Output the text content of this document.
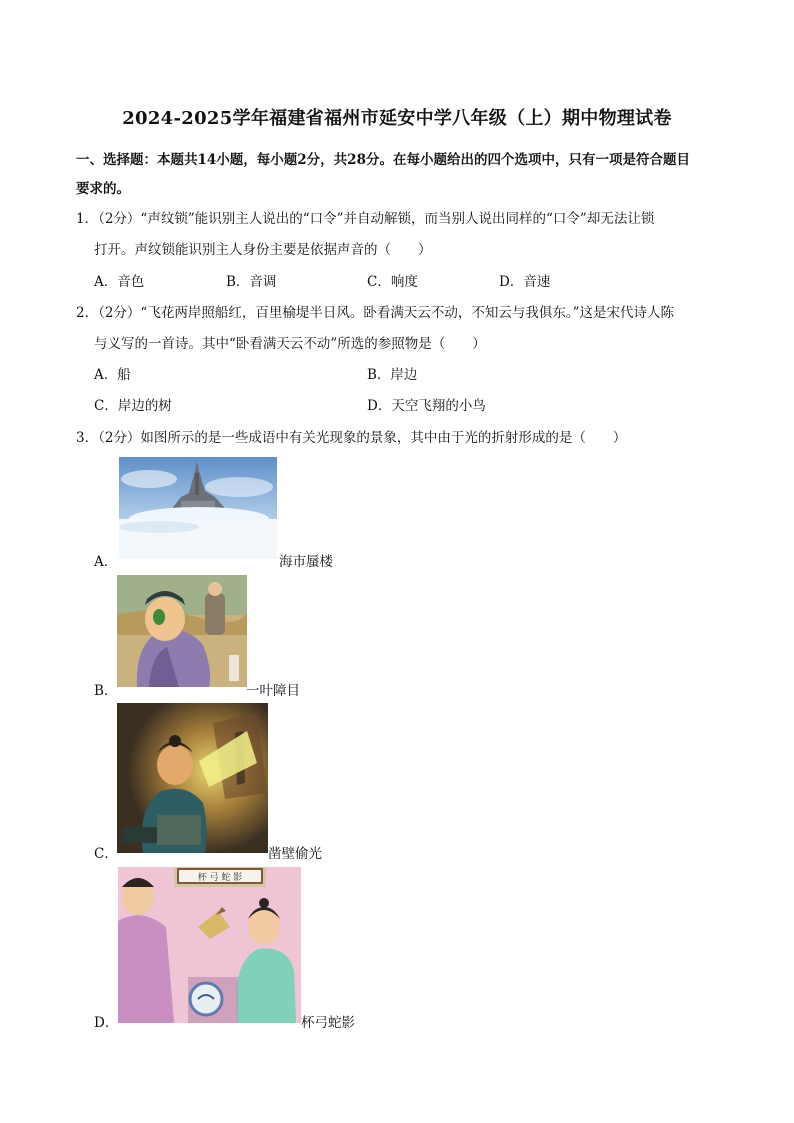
2024-2025学年福建省福州市延安中学八年级（上）期中物理试卷
一、选择题：本题共14小题，每小题2分，共28分。在每小题给出的四个选项中，只有一项是符合题目
要求的。
1．（2分）“声纹锁”能识别主人说出的“口令”并自动解锁，而当别人说出同样的“口令”却无法让锁
打开。声纹锁能识别主人身份主要是依据声音的（　　）
A．音色	B．音调	C．响度	D．音速
2．（2分）“飞花两岸照船红，百里榆堤半日风。卧看满天云不动，不知云与我俱东。”这是宋代诗人陈
与义写的一首诗。其中“卧看满天云不动”所选的参照物是（　　）
A．船	B．岸边
C．岸边的树	D．天空飞翔的小鸟
3．（2分）如图所示的是一些成语中有关光现象的景象，其中由于光的折射形成的是（　　）
A．	海市蜃楼
B．	一叶障目
C．	凿壁偷光
杯 弓 蛇 影
D．	杯弓蛇影
